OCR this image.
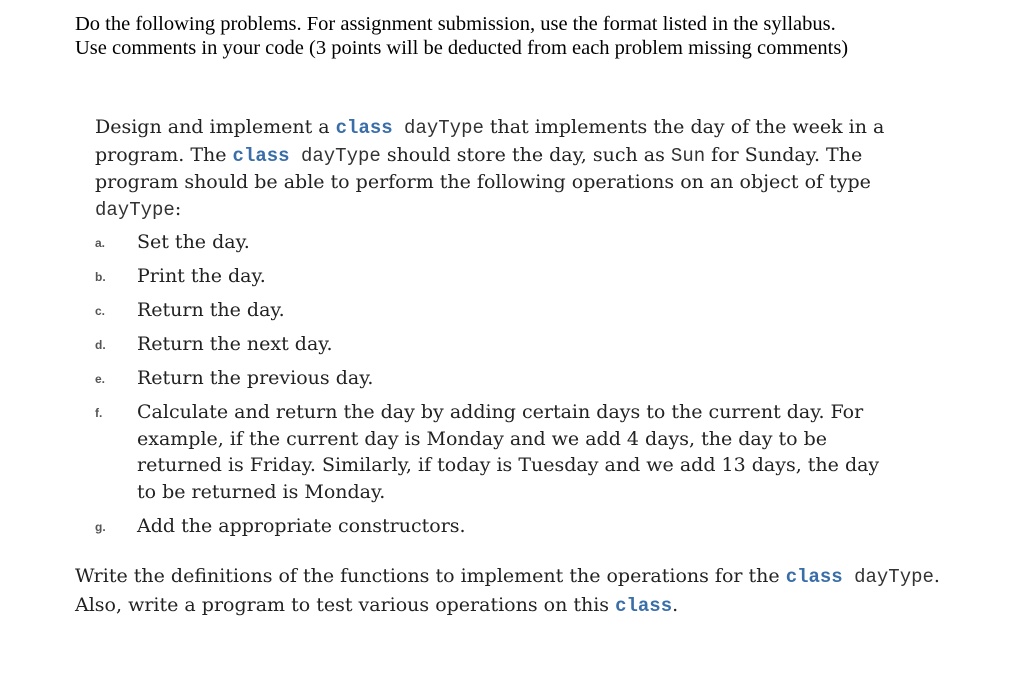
Do the following problems. For assignment submission, use the format listed in the syllabus.

Use comments in your code (3 points will be deducted from each problem missing comments)

Design and implement a class dayType that implements the day of the week in a program. The class dayType should store the day, such as Sun for Sunday. The program should be able to perform the following operations on an object of type dayType:

a.	Set the day.
b.	Print the day.
c.	Return the day.
d.	Return the next day.
e.	Return the previous day.
f.	Calculate and return the day by adding certain days to the current day. For example, if the current day is Monday and we add 4 days, the day to be returned is Friday. Similarly, if today is Tuesday and we add 13 days, the day to be returned is Monday.
g.	Add the appropriate constructors.

Write the definitions of the functions to implement the operations for the class dayType. Also, write a program to test various operations on this class.
